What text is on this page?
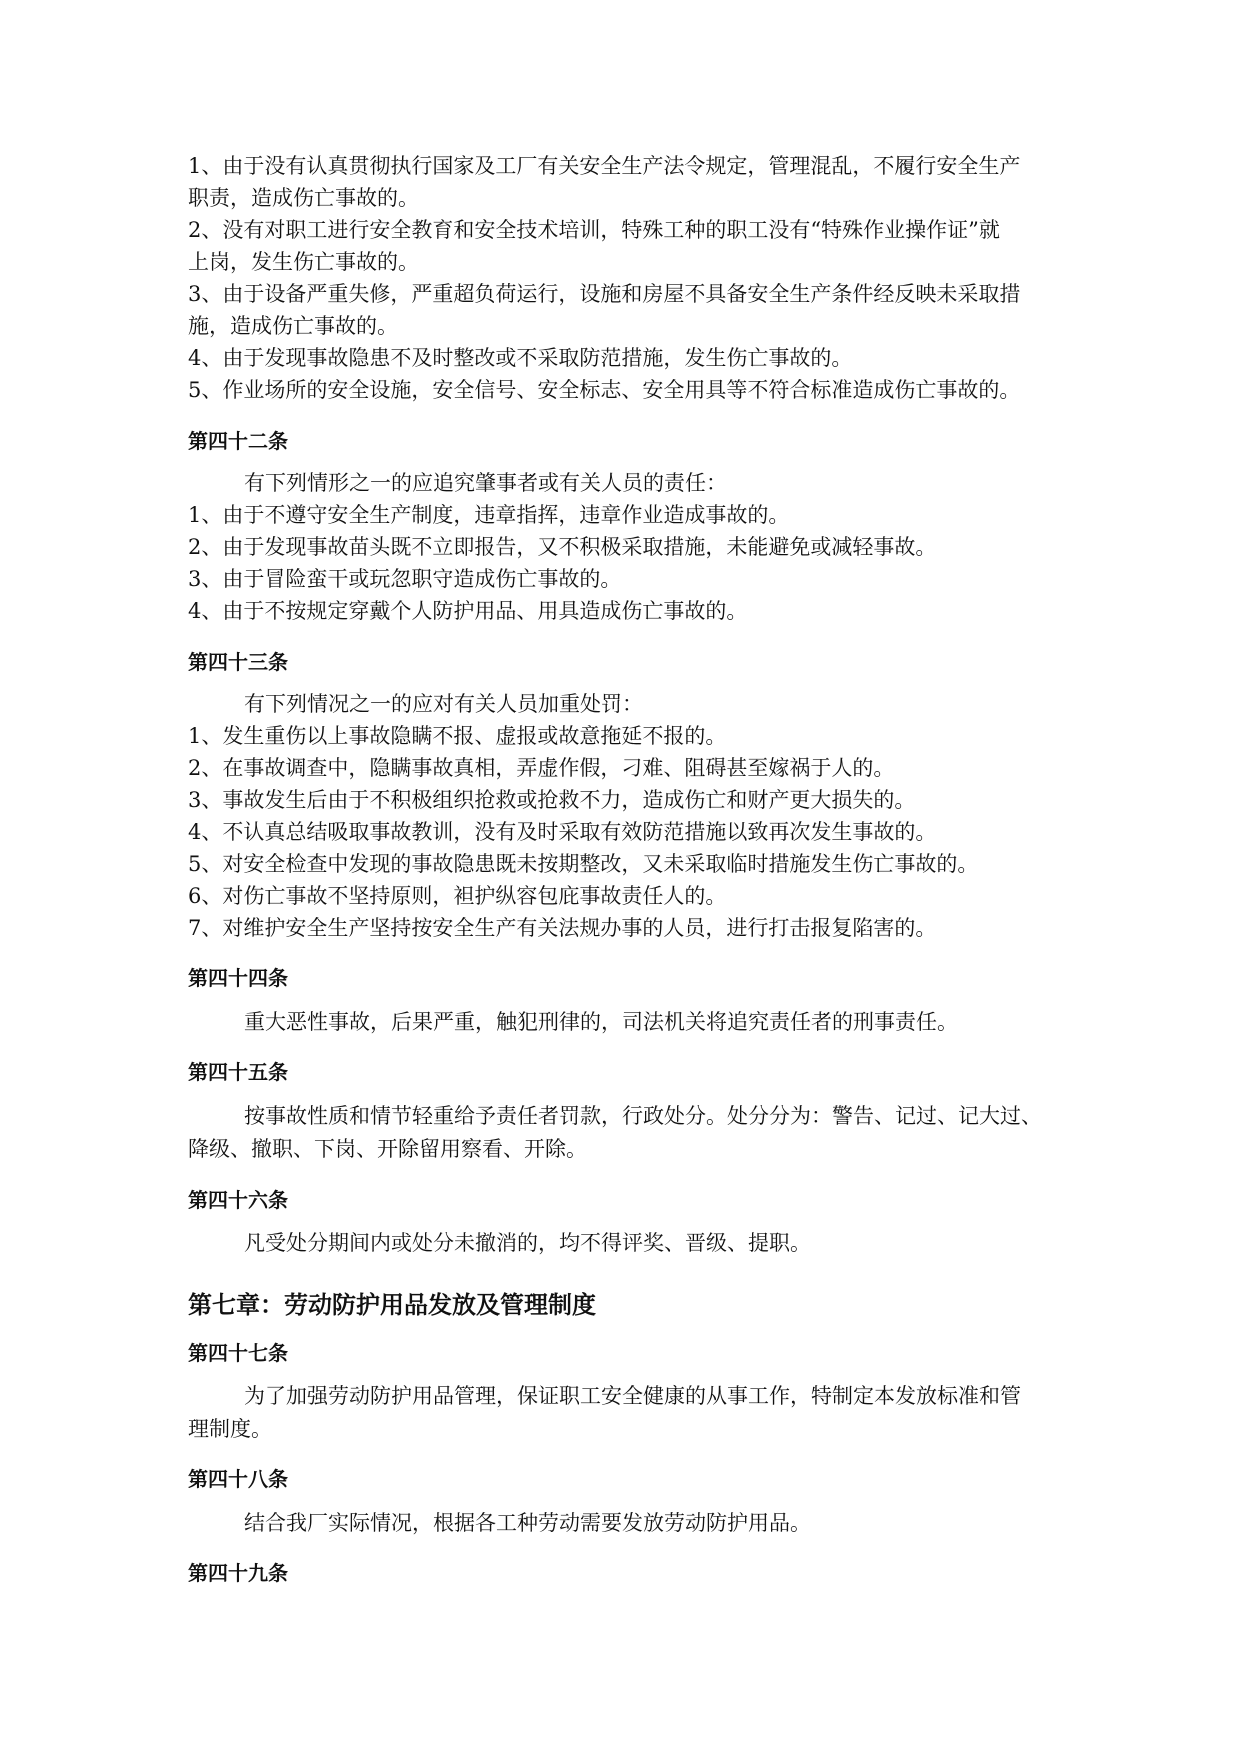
1、由于没有认真贯彻执行国家及工厂有关安全生产法令规定，管理混乱，不履行安全生产
职责，造成伤亡事故的。
2、没有对职工进行安全教育和安全技术培训，特殊工种的职工没有“特殊作业操作证”就
上岗，发生伤亡事故的。
3、由于设备严重失修，严重超负荷运行，设施和房屋不具备安全生产条件经反映未采取措
施，造成伤亡事故的。
4、由于发现事故隐患不及时整改或不采取防范措施，发生伤亡事故的。
5、作业场所的安全设施，安全信号、安全标志、安全用具等不符合标准造成伤亡事故的。
第四十二条
有下列情形之一的应追究肇事者或有关人员的责任：
1、由于不遵守安全生产制度，违章指挥，违章作业造成事故的。
2、由于发现事故苗头既不立即报告，又不积极采取措施，未能避免或减轻事故。
3、由于冒险蛮干或玩忽职守造成伤亡事故的。
4、由于不按规定穿戴个人防护用品、用具造成伤亡事故的。
第四十三条
有下列情况之一的应对有关人员加重处罚：
1、发生重伤以上事故隐瞒不报、虚报或故意拖延不报的。
2、在事故调查中，隐瞒事故真相，弄虚作假，刁难、阻碍甚至嫁祸于人的。
3、事故发生后由于不积极组织抢救或抢救不力，造成伤亡和财产更大损失的。
4、不认真总结吸取事故教训，没有及时采取有效防范措施以致再次发生事故的。
5、对安全检查中发现的事故隐患既未按期整改，又未采取临时措施发生伤亡事故的。
6、对伤亡事故不坚持原则，袒护纵容包庇事故责任人的。
7、对维护安全生产坚持按安全生产有关法规办事的人员，进行打击报复陷害的。
第四十四条
重大恶性事故，后果严重，触犯刑律的，司法机关将追究责任者的刑事责任。
第四十五条
按事故性质和情节轻重给予责任者罚款，行政处分。处分分为：警告、记过、记大过、
降级、撤职、下岗、开除留用察看、开除。
第四十六条
凡受处分期间内或处分未撤消的，均不得评奖、晋级、提职。
第七章：劳动防护用品发放及管理制度
第四十七条
为了加强劳动防护用品管理，保证职工安全健康的从事工作，特制定本发放标准和管
理制度。
第四十八条
结合我厂实际情况，根据各工种劳动需要发放劳动防护用品。
第四十九条
